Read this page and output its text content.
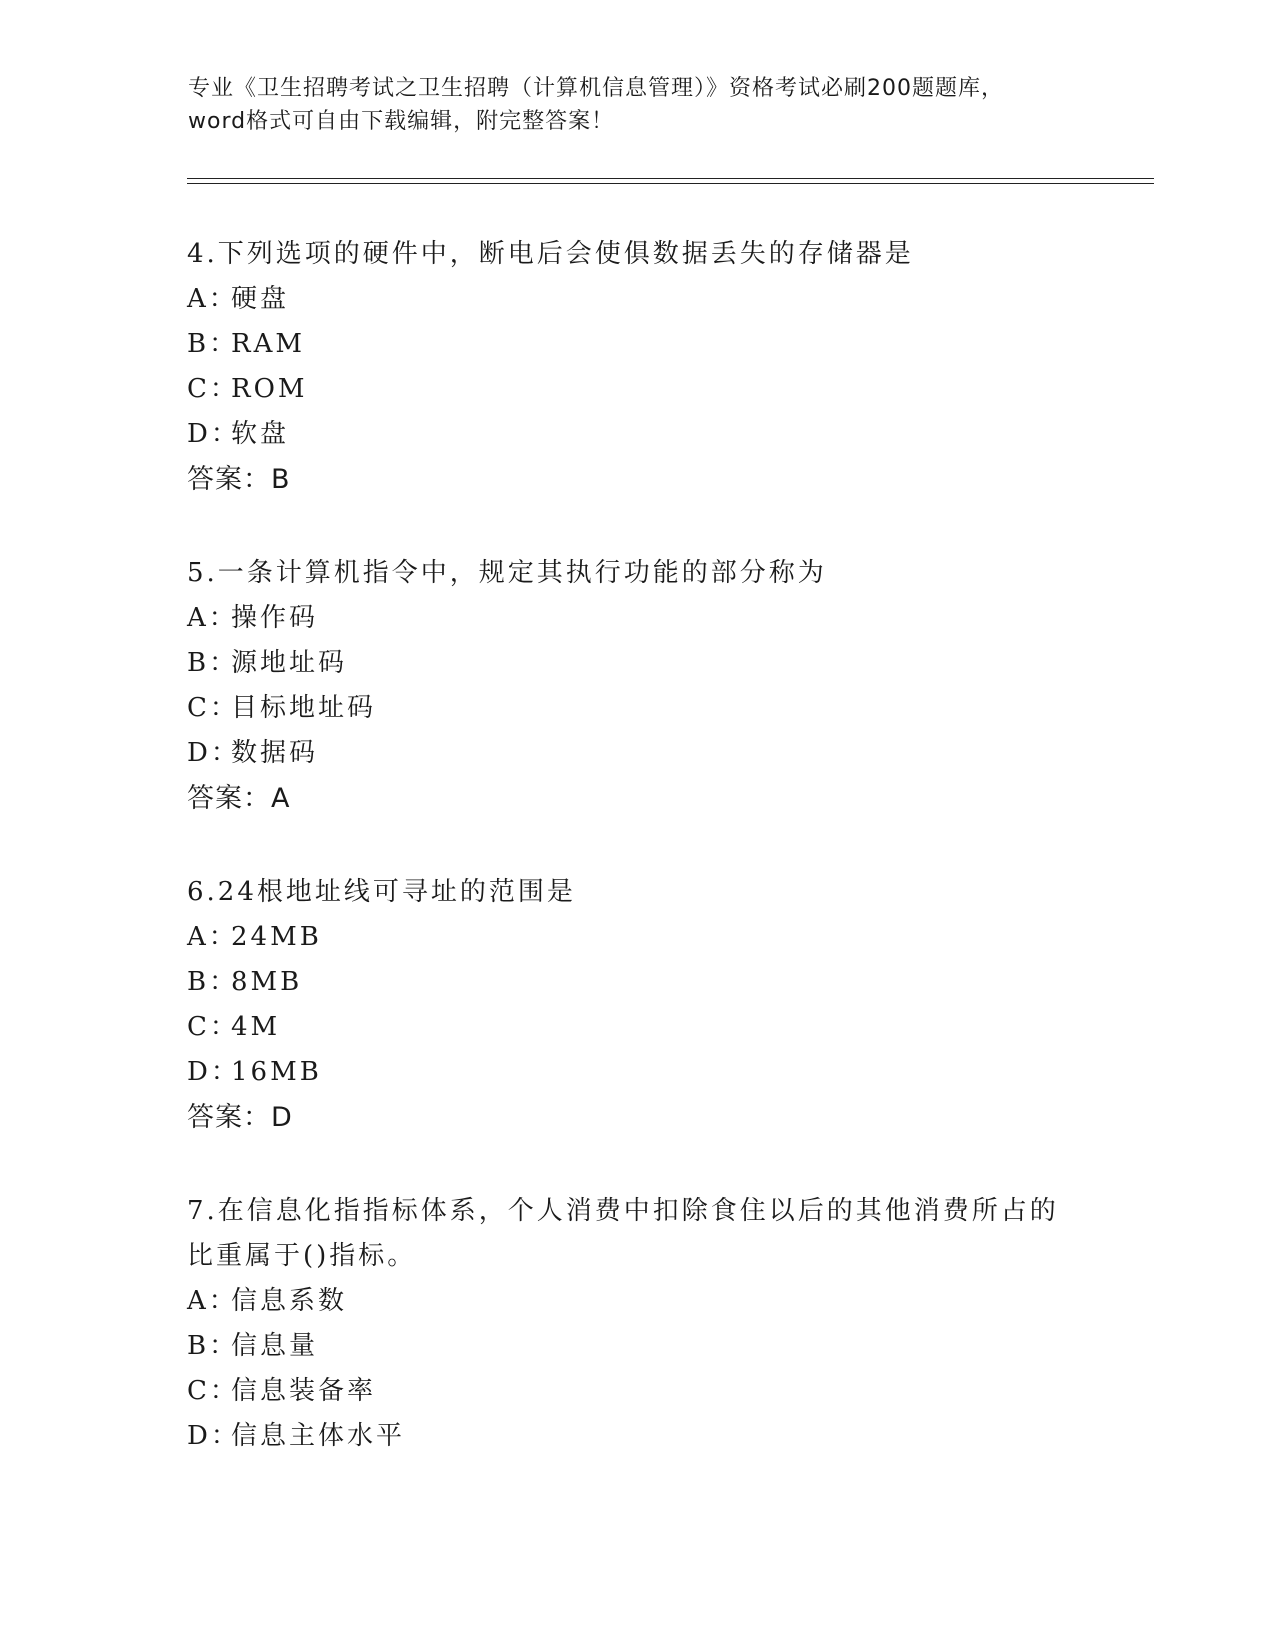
专业《卫生招聘考试之卫生招聘（计算机信息管理）》资格考试必刷200题题库，
word格式可自由下载编辑，附完整答案！

4.下列选项的硬件中，断电后会使俱数据丢失的存储器是

A：硬盘
B：RAM
C：ROM
D：软盘
答案：B

5.一条计算机指令中，规定其执行功能的部分称为

A：操作码
B：源地址码
C：目标地址码
D：数据码
答案：A

6.24根地址线可寻址的范围是

A：24MB
B：8MB
C：4M
D：16MB
答案：D

7.在信息化指指标体系，个人消费中扣除食住以后的其他消费所占的比重属于()指标。

A：信息系数
B：信息量
C：信息装备率
D：信息主体水平
